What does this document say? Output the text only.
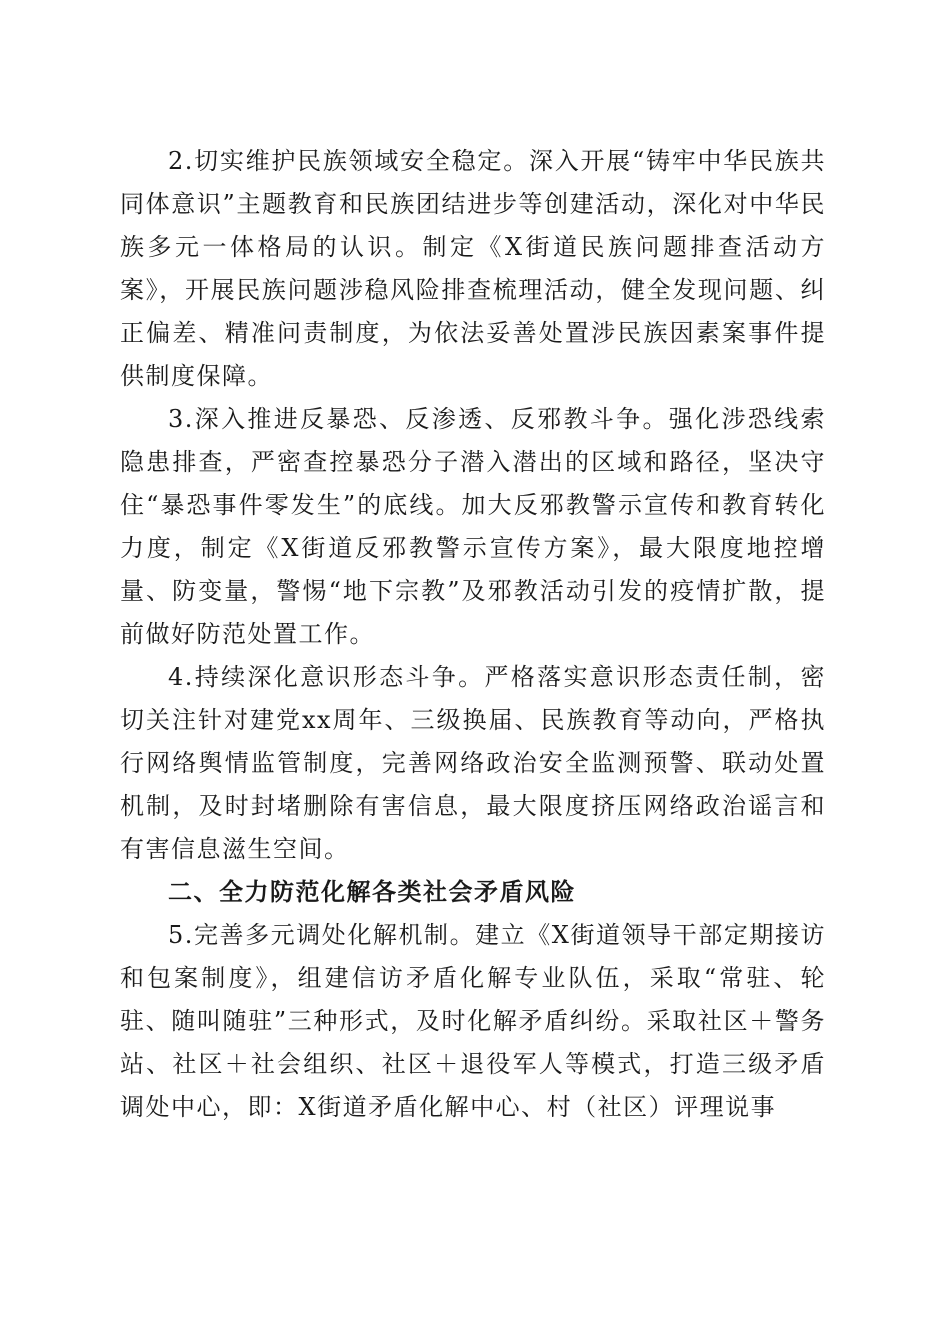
2.切实维护民族领域安全稳定。深入开展“铸牢中华民族共同体意识”主题教育和民族团结进步等创建活动，深化对中华民族多元一体格局的认识。制定《X街道民族问题排查活动方案》，开展民族问题涉稳风险排查梳理活动，健全发现问题、纠正偏差、精准问责制度，为依法妥善处置涉民族因素案事件提供制度保障。

3.深入推进反暴恐、反渗透、反邪教斗争。强化涉恐线索隐患排查，严密查控暴恐分子潜入潜出的区域和路径，坚决守住“暴恐事件零发生”的底线。加大反邪教警示宣传和教育转化力度，制定《X街道反邪教警示宣传方案》，最大限度地控增量、防变量，警惕“地下宗教”及邪教活动引发的疫情扩散，提前做好防范处置工作。

4.持续深化意识形态斗争。严格落实意识形态责任制，密切关注针对建党xx周年、三级换届、民族教育等动向，严格执行网络舆情监管制度，完善网络政治安全监测预警、联动处置机制，及时封堵删除有害信息，最大限度挤压网络政治谣言和有害信息滋生空间。

二、全力防范化解各类社会矛盾风险

5.完善多元调处化解机制。建立《X街道领导干部定期接访和包案制度》，组建信访矛盾化解专业队伍，采取“常驻、轮驻、随叫随驻”三种形式，及时化解矛盾纠纷。采取社区＋警务站、社区＋社会组织、社区＋退役军人等模式，打造三级矛盾调处中心，即：X街道矛盾化解中心、村（社区）评理说事
